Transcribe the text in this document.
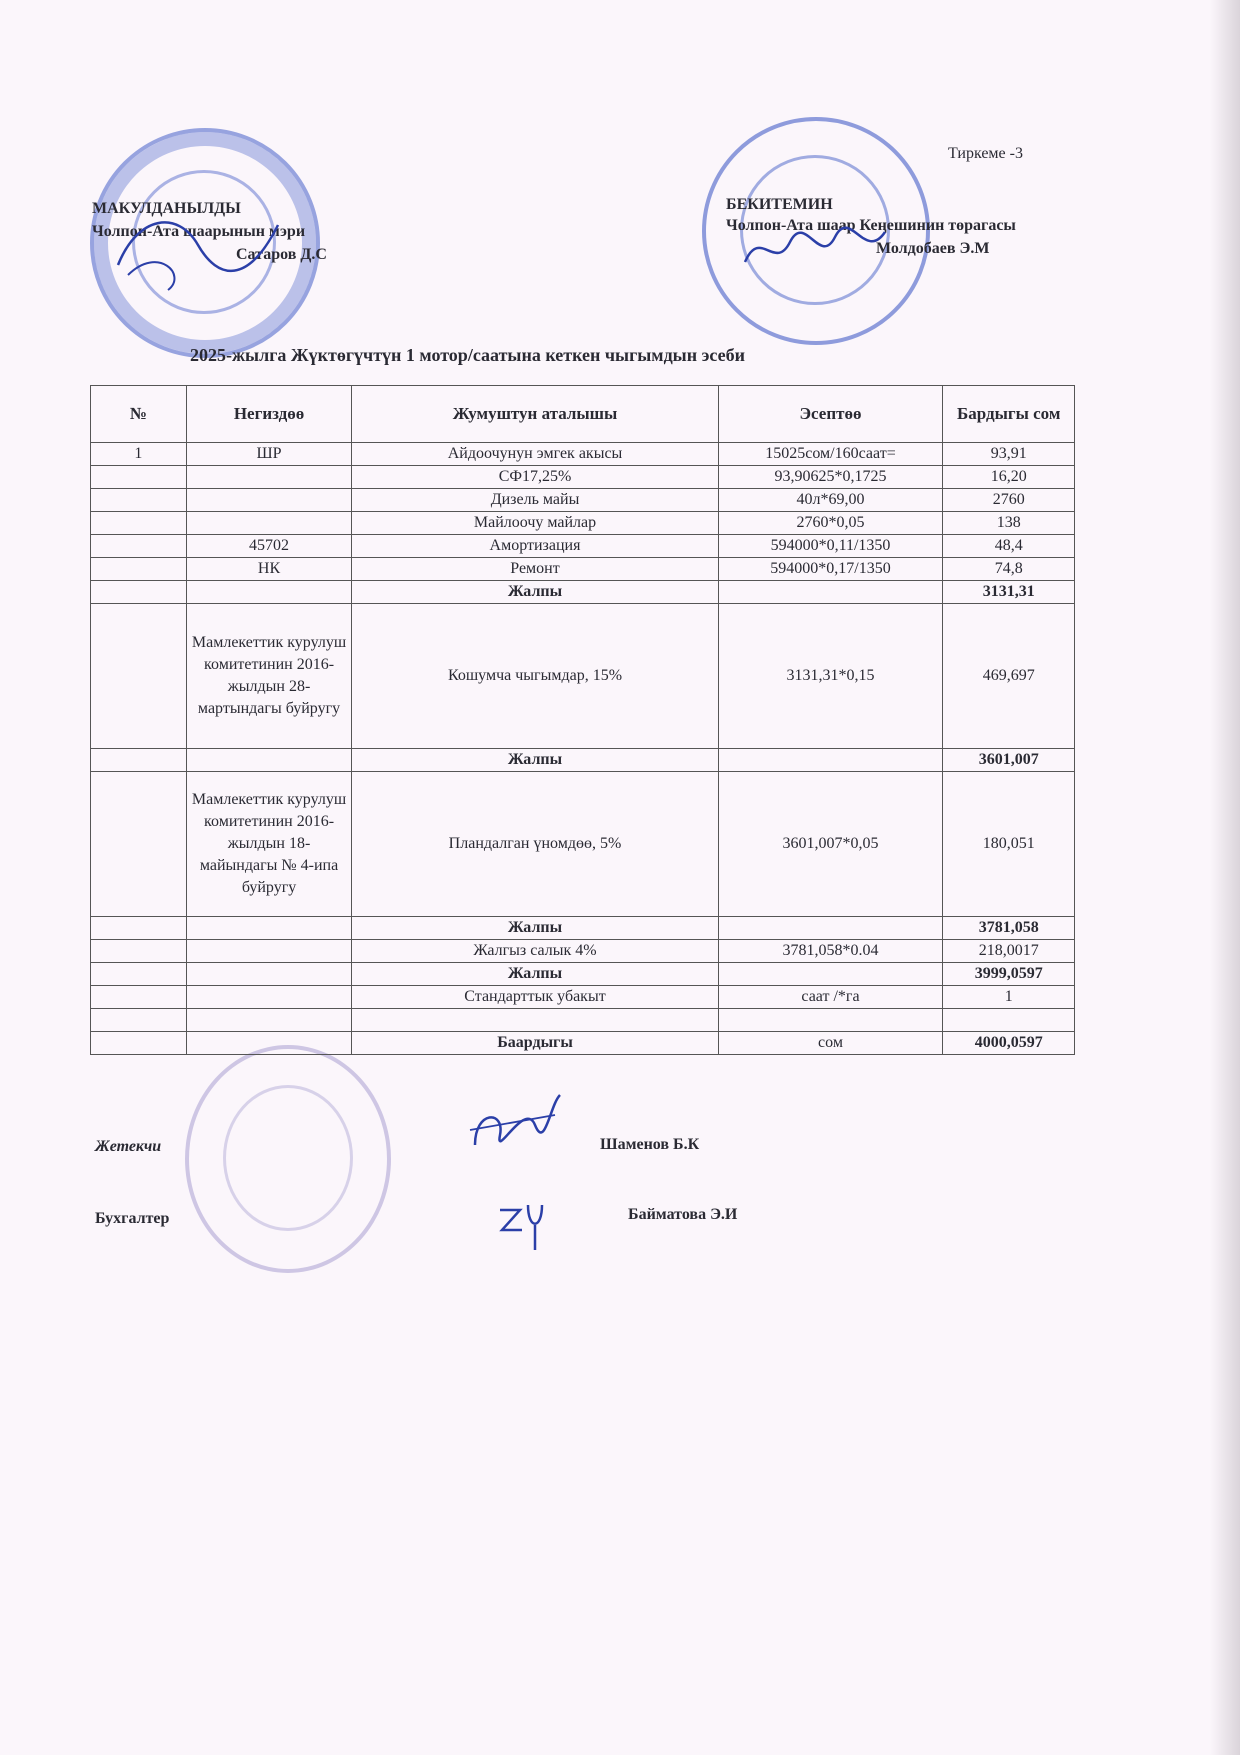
Тиркеме -3
МАКУЛДАНЫЛДЫ
Чолпон-Ата шаарынын мэри
Сатаров Д.С
БЕКИТЕМИН
Чолпон-Ата шаар Кеңешинин төрагасы
Молдобаев Э.М
2025-жылга Жүктөгүчтүн 1 мотор/саатына кеткен чыгымдын эсеби
№	Негиздөө	Жумуштун аталышы	Эсептөө	Бардыгы сом
1	ШР	Айдоочунун эмгек акысы	15025сом/160саат=	93,91
		СФ17,25%	93,90625*0,1725	16,20
		Дизель майы	40л*69,00	2760
		Майлоочу майлар	2760*0,05	138
	45702	Амортизация	594000*0,11/1350	48,4
	НК	Ремонт	594000*0,17/1350	74,8
		Жалпы		3131,31
	Мамлекеттик курулуш комитетинин 2016-жылдын 28-мартындагы буйругу	Кошумча чыгымдар, 15%	3131,31*0,15	469,697
		Жалпы		3601,007
	Мамлекеттик курулуш комитетинин 2016-жылдын 18-майындагы № 4-ипа буйругу	Пландалган үномдөө, 5%	3601,007*0,05	180,051
		Жалпы		3781,058
		Жалгыз салык 4%	3781,058*0.04	218,0017
		Жалпы		3999,0597
		Стандарттык убакыт	саат /*га	1

		Баардыгы	сом	4000,0597
Жетекчи	Шаменов Б.К
Бухгалтер	Байматова Э.И
